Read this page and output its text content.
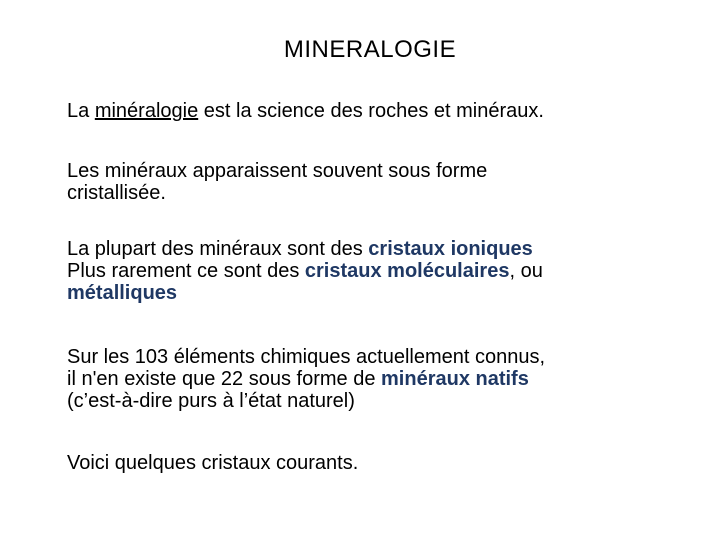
MINERALOGIE
La minéralogie est la science des roches et minéraux.
Les minéraux apparaissent souvent sous forme
cristallisée.
La plupart des minéraux sont des cristaux ioniques
Plus rarement ce sont des cristaux moléculaires, ou
métalliques
Sur les 103 éléments chimiques actuellement connus,
il n'en existe que 22 sous forme de minéraux natifs
(c’est-à-dire purs à l’état naturel)
Voici quelques cristaux courants.
